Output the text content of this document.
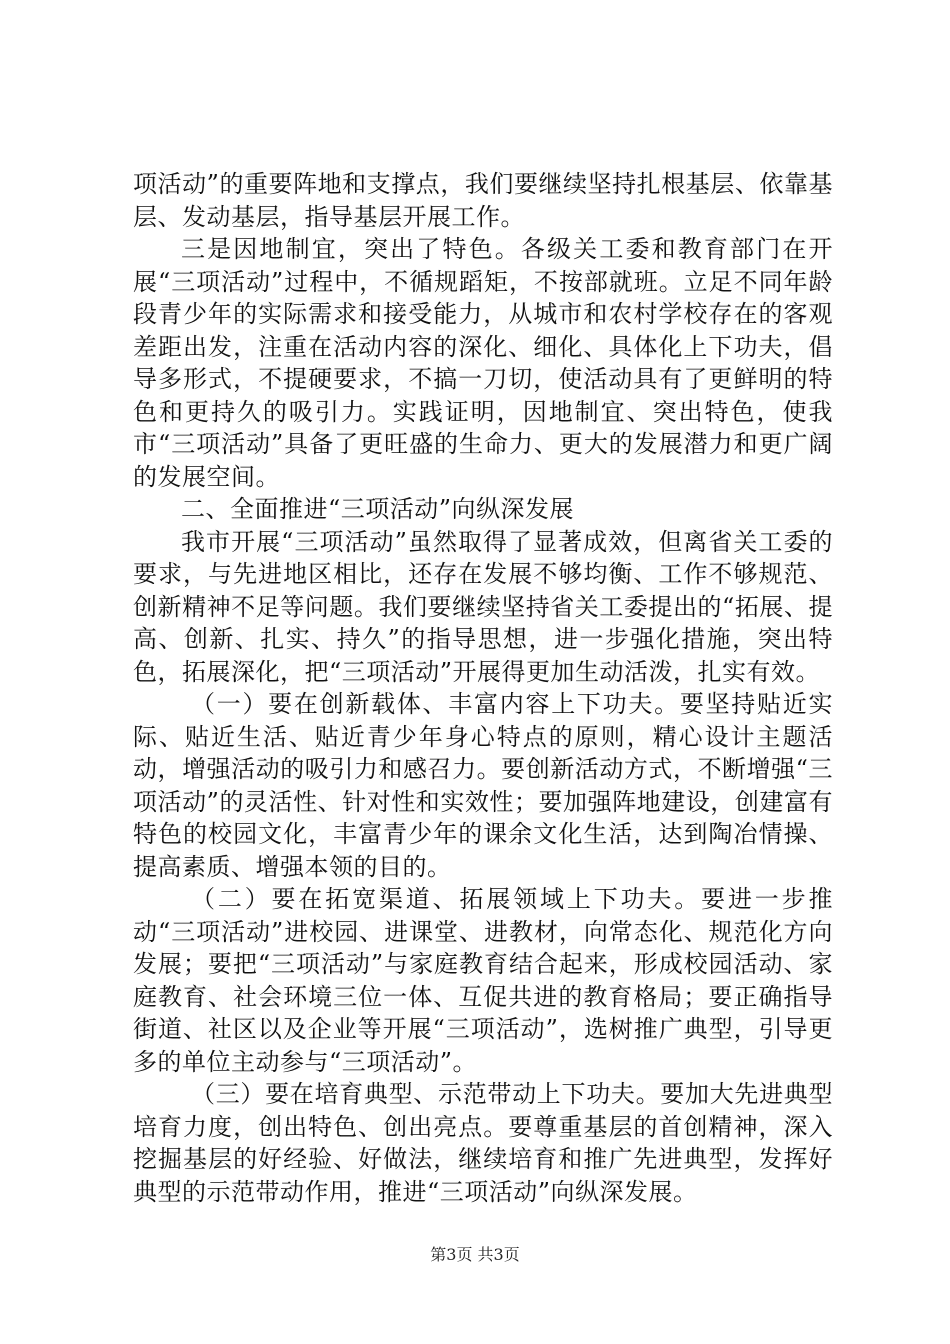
项活动”的重要阵地和支撑点，我们要继续坚持扎根基层、依靠基层、发动基层，指导基层开展工作。

三是因地制宜，突出了特色。各级关工委和教育部门在开展“三项活动”过程中，不循规蹈矩，不按部就班。立足不同年龄段青少年的实际需求和接受能力，从城市和农村学校存在的客观差距出发，注重在活动内容的深化、细化、具体化上下功夫，倡导多形式，不提硬要求，不搞一刀切，使活动具有了更鲜明的特色和更持久的吸引力。实践证明，因地制宜、突出特色，使我市“三项活动”具备了更旺盛的生命力、更大的发展潜力和更广阔的发展空间。

二、全面推进“三项活动”向纵深发展

我市开展“三项活动”虽然取得了显著成效，但离省关工委的要求，与先进地区相比，还存在发展不够均衡、工作不够规范、创新精神不足等问题。我们要继续坚持省关工委提出的“拓展、提高、创新、扎实、持久”的指导思想，进一步强化措施，突出特色，拓展深化，把“三项活动”开展得更加生动活泼，扎实有效。

（一）要在创新载体、丰富内容上下功夫。要坚持贴近实际、贴近生活、贴近青少年身心特点的原则，精心设计主题活动，增强活动的吸引力和感召力。要创新活动方式，不断增强“三项活动”的灵活性、针对性和实效性；要加强阵地建设，创建富有特色的校园文化，丰富青少年的课余文化生活，达到陶冶情操、提高素质、增强本领的目的。

（二）要在拓宽渠道、拓展领域上下功夫。要进一步推动“三项活动”进校园、进课堂、进教材，向常态化、规范化方向发展；要把“三项活动”与家庭教育结合起来，形成校园活动、家庭教育、社会环境三位一体、互促共进的教育格局；要正确指导街道、社区以及企业等开展“三项活动”，选树推广典型，引导更多的单位主动参与“三项活动”。

（三）要在培育典型、示范带动上下功夫。要加大先进典型培育力度，创出特色、创出亮点。要尊重基层的首创精神，深入挖掘基层的好经验、好做法，继续培育和推广先进典型，发挥好典型的示范带动作用，推进“三项活动”向纵深发展。

第3页 共3页
